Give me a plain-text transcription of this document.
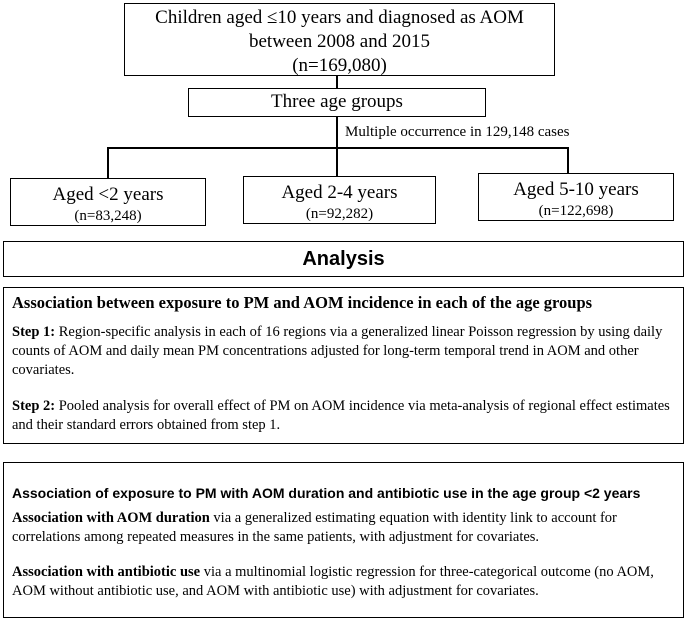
Children aged ≤10 years and diagnosed as AOM
between 2008 and 2015
(n=169,080)
Three age groups
Multiple occurrence in 129,148 cases
Aged <2 years
(n=83,248)
Aged 2-4 years
(n=92,282)
Aged 5-10 years
(n=122,698)
Analysis
Association between exposure to PM and AOM incidence in each of the age groups

Step 1: Region-specific analysis in each of 16 regions via a generalized linear Poisson regression by using daily counts of AOM and daily mean PM concentrations adjusted for long-term temporal trend in AOM and other covariates.

Step 2: Pooled analysis for overall effect of PM on AOM incidence via meta-analysis of regional effect estimates and their standard errors obtained from step 1.

Association of exposure to PM with AOM duration and antibiotic use in the age group <2 years

Association with AOM duration via a generalized estimating equation with identity link to account for correlations among repeated measures in the same patients, with adjustment for covariates.

Association with antibiotic use via a multinomial logistic regression for three-categorical outcome (no AOM, AOM without antibiotic use, and AOM with antibiotic use) with adjustment for covariates.
